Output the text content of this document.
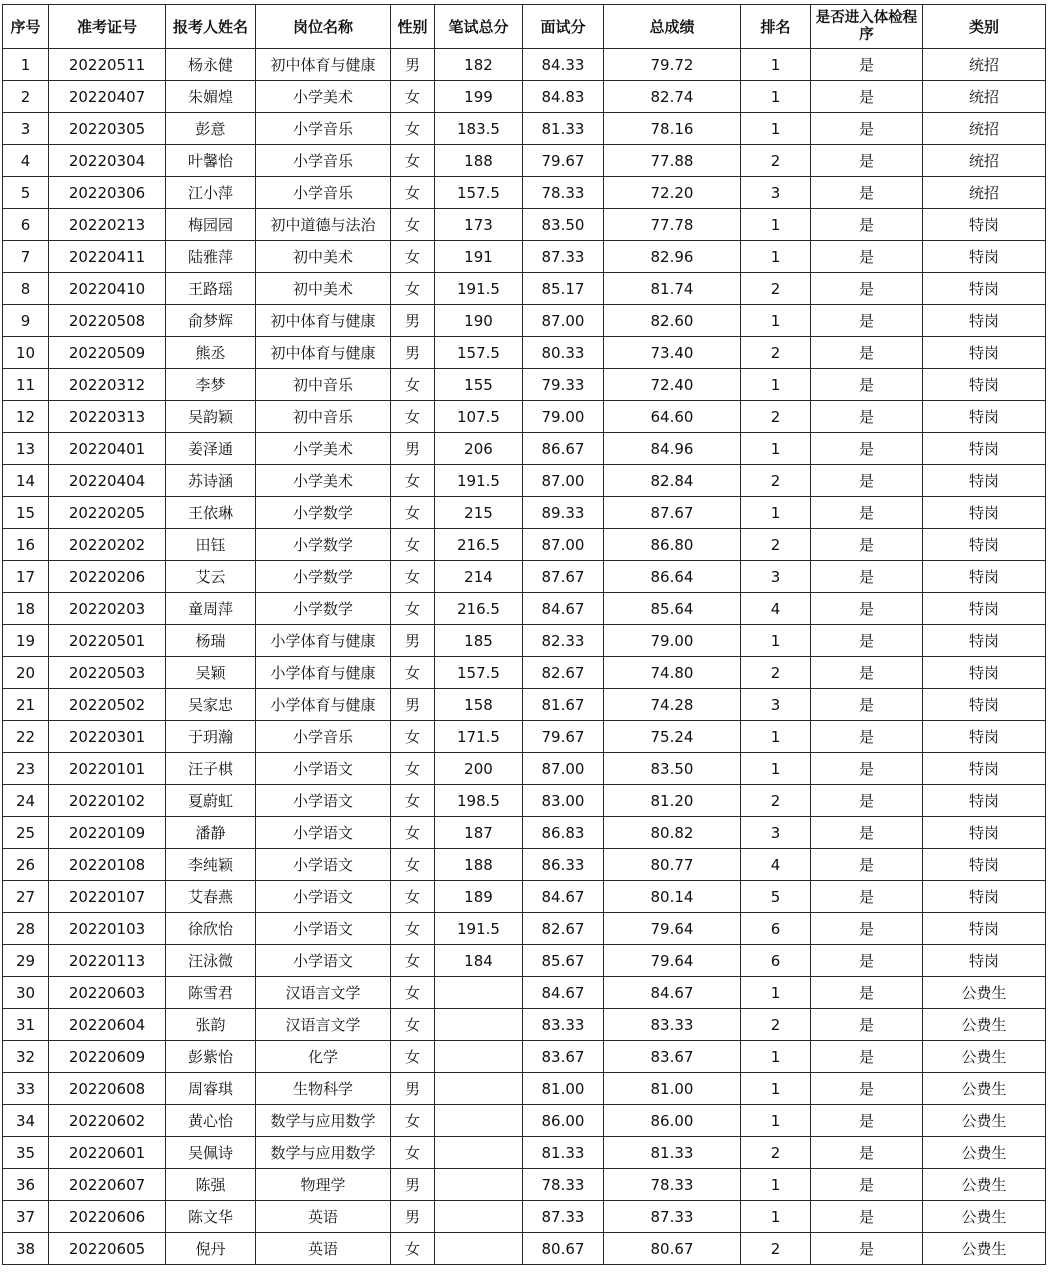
序号	准考证号	报考人姓名	岗位名称	性别	笔试总分	面试分	总成绩	排名	是否进入体检程序	类别
1	20220511	杨永健	初中体育与健康	男	182	84.33	79.72	1	是	统招
2	20220407	朱媚煌	小学美术	女	199	84.83	82.74	1	是	统招
3	20220305	彭意	小学音乐	女	183.5	81.33	78.16	1	是	统招
4	20220304	叶馨怡	小学音乐	女	188	79.67	77.88	2	是	统招
5	20220306	江小萍	小学音乐	女	157.5	78.33	72.20	3	是	统招
6	20220213	梅园园	初中道德与法治	女	173	83.50	77.78	1	是	特岗
7	20220411	陆雅萍	初中美术	女	191	87.33	82.96	1	是	特岗
8	20220410	王路瑶	初中美术	女	191.5	85.17	81.74	2	是	特岗
9	20220508	俞梦辉	初中体育与健康	男	190	87.00	82.60	1	是	特岗
10	20220509	熊丞	初中体育与健康	男	157.5	80.33	73.40	2	是	特岗
11	20220312	李梦	初中音乐	女	155	79.33	72.40	1	是	特岗
12	20220313	吴韵颖	初中音乐	女	107.5	79.00	64.60	2	是	特岗
13	20220401	姜泽通	小学美术	男	206	86.67	84.96	1	是	特岗
14	20220404	苏诗涵	小学美术	女	191.5	87.00	82.84	2	是	特岗
15	20220205	王依琳	小学数学	女	215	89.33	87.67	1	是	特岗
16	20220202	田钰	小学数学	女	216.5	87.00	86.80	2	是	特岗
17	20220206	艾云	小学数学	女	214	87.67	86.64	3	是	特岗
18	20220203	童周萍	小学数学	女	216.5	84.67	85.64	4	是	特岗
19	20220501	杨瑞	小学体育与健康	男	185	82.33	79.00	1	是	特岗
20	20220503	吴颖	小学体育与健康	女	157.5	82.67	74.80	2	是	特岗
21	20220502	吴家忠	小学体育与健康	男	158	81.67	74.28	3	是	特岗
22	20220301	于玥瀚	小学音乐	女	171.5	79.67	75.24	1	是	特岗
23	20220101	汪子棋	小学语文	女	200	87.00	83.50	1	是	特岗
24	20220102	夏蔚虹	小学语文	女	198.5	83.00	81.20	2	是	特岗
25	20220109	潘静	小学语文	女	187	86.83	80.82	3	是	特岗
26	20220108	李纯颖	小学语文	女	188	86.33	80.77	4	是	特岗
27	20220107	艾春燕	小学语文	女	189	84.67	80.14	5	是	特岗
28	20220103	徐欣怡	小学语文	女	191.5	82.67	79.64	6	是	特岗
29	20220113	汪泳微	小学语文	女	184	85.67	79.64	6	是	特岗
30	20220603	陈雪君	汉语言文学	女		84.67	84.67	1	是	公费生
31	20220604	张韵	汉语言文学	女		83.33	83.33	2	是	公费生
32	20220609	彭紫怡	化学	女		83.67	83.67	1	是	公费生
33	20220608	周睿琪	生物科学	男		81.00	81.00	1	是	公费生
34	20220602	黄心怡	数学与应用数学	女		86.00	86.00	1	是	公费生
35	20220601	吴佩诗	数学与应用数学	女		81.33	81.33	2	是	公费生
36	20220607	陈强	物理学	男		78.33	78.33	1	是	公费生
37	20220606	陈文华	英语	男		87.33	87.33	1	是	公费生
38	20220605	倪丹	英语	女		80.67	80.67	2	是	公费生
